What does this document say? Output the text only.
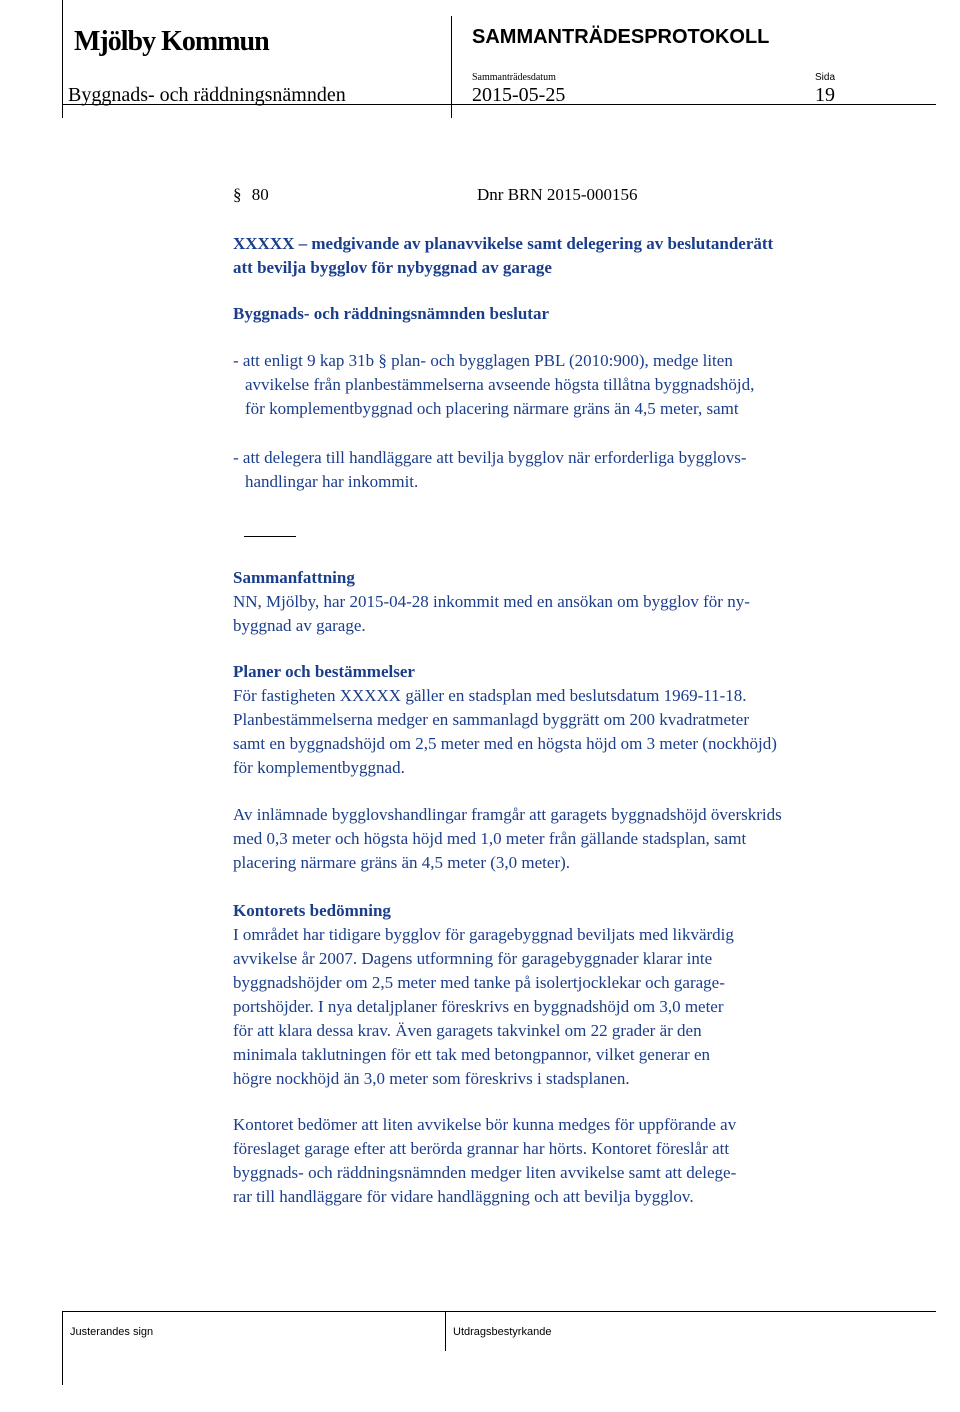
Mjölby Kommun	SAMMANTRÄDESPROTOKOLL
Byggnads- och räddningsnämnden
Sammanträdesdatum
2015-05-25
Sida
19
§ 80	Dnr BRN 2015-000156
XXXXX – medgivande av planavvikelse samt delegering av beslutanderätt
att bevilja bygglov för nybyggnad av garage
Byggnads- och räddningsnämnden beslutar
- att enligt 9 kap 31b § plan- och bygglagen PBL (2010:900), medge liten
avvikelse från planbestämmelserna avseende högsta tillåtna byggnadshöjd,
för komplementbyggnad och placering närmare gräns än 4,5 meter, samt
- att delegera till handläggare att bevilja bygglov när erforderliga bygglovs-
handlingar har inkommit.
Sammanfattning
NN, Mjölby, har 2015-04-28 inkommit med en ansökan om bygglov för ny-
byggnad av garage.
Planer och bestämmelser
För fastigheten XXXXX gäller en stadsplan med beslutsdatum 1969-11-18.
Planbestämmelserna medger en sammanlagd byggrätt om 200 kvadratmeter
samt en byggnadshöjd om 2,5 meter med en högsta höjd om 3 meter (nockhöjd)
för komplementbyggnad.
Av inlämnade bygglovshandlingar framgår att garagets byggnadshöjd överskrids
med 0,3 meter och högsta höjd med 1,0 meter från gällande stadsplan, samt
placering närmare gräns än 4,5 meter (3,0 meter).
Kontorets bedömning
I området har tidigare bygglov för garagebyggnad beviljats med likvärdig
avvikelse år 2007. Dagens utformning för garagebyggnader klarar inte
byggnadshöjder om 2,5 meter med tanke på isolertjocklekar och garage-
portshöjder. I nya detaljplaner föreskrivs en byggnadshöjd om 3,0 meter
för att klara dessa krav. Även garagets takvinkel om 22 grader är den
minimala taklutningen för ett tak med betongpannor, vilket generar en
högre nockhöjd än 3,0 meter som föreskrivs i stadsplanen.
Kontoret bedömer att liten avvikelse bör kunna medges för uppförande av
föreslaget garage efter att berörda grannar har hörts. Kontoret föreslår att
byggnads- och räddningsnämnden medger liten avvikelse samt att delege-
rar till handläggare för vidare handläggning och att bevilja bygglov.
Justerandes sign	Utdragsbestyrkande
